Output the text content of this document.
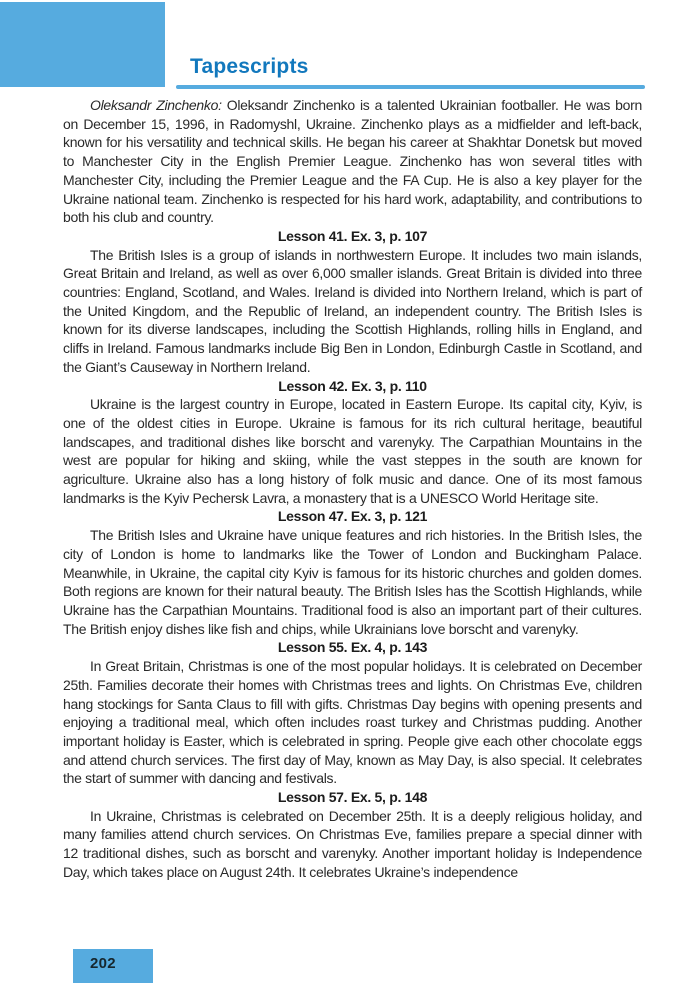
Tapescripts

Oleksandr Zinchenko: Oleksandr Zinchenko is a talented Ukrainian footballer. He was born on December 15, 1996, in Radomyshl, Ukraine. Zinchenko plays as a midfielder and left-back, known for his versatility and technical skills. He began his career at Shakhtar Donetsk but moved to Manchester City in the English Premier League. Zinchenko has won several titles with Manchester City, including the Premier League and the FA Cup. He is also a key player for the Ukraine national team. Zinchenko is respected for his hard work, adaptability, and contributions to both his club and country.

Lesson 41. Ex. 3, p. 107

The British Isles is a group of islands in northwestern Europe. It includes two main islands, Great Britain and Ireland, as well as over 6,000 smaller islands. Great Britain is divided into three countries: England, Scotland, and Wales. Ireland is divided into Northern Ireland, which is part of the United Kingdom, and the Republic of Ireland, an independent country. The British Isles is known for its diverse landscapes, including the Scottish Highlands, rolling hills in England, and cliffs in Ireland. Famous landmarks include Big Ben in London, Edinburgh Castle in Scotland, and the Giant’s Causeway in Northern Ireland.

Lesson 42. Ex. 3, p. 110

Ukraine is the largest country in Europe, located in Eastern Europe. Its capital city, Kyiv, is one of the oldest cities in Europe. Ukraine is famous for its rich cultural heritage, beautiful landscapes, and traditional dishes like borscht and varenyky. The Carpathian Mountains in the west are popular for hiking and skiing, while the vast steppes in the south are known for agriculture. Ukraine also has a long history of folk music and dance. One of its most famous landmarks is the Kyiv Pechersk Lavra, a monastery that is a UNESCO World Heritage site.

Lesson 47. Ex. 3, p. 121

The British Isles and Ukraine have unique features and rich histories. In the British Isles, the city of London is home to landmarks like the Tower of London and Buckingham Palace. Meanwhile, in Ukraine, the capital city Kyiv is famous for its historic churches and golden domes. Both regions are known for their natural beauty. The British Isles has the Scottish Highlands, while Ukraine has the Carpathian Mountains. Traditional food is also an important part of their cultures. The British enjoy dishes like fish and chips, while Ukrainians love borscht and varenyky.

Lesson 55. Ex. 4, p. 143

In Great Britain, Christmas is one of the most popular holidays. It is celebrated on December 25th. Families decorate their homes with Christmas trees and lights. On Christmas Eve, children hang stockings for Santa Claus to fill with gifts. Christmas Day begins with opening presents and enjoying a traditional meal, which often includes roast turkey and Christmas pudding. Another important holiday is Easter, which is celebrated in spring. People give each other chocolate eggs and attend church services. The first day of May, known as May Day, is also special. It celebrates the start of summer with dancing and festivals.

Lesson 57. Ex. 5, p. 148

In Ukraine, Christmas is celebrated on December 25th. It is a deeply religious holiday, and many families attend church services. On Christmas Eve, families prepare a special dinner with 12 traditional dishes, such as borscht and varenyky. Another important holiday is Independence Day, which takes place on August 24th. It celebrates Ukraine’s independence

202
